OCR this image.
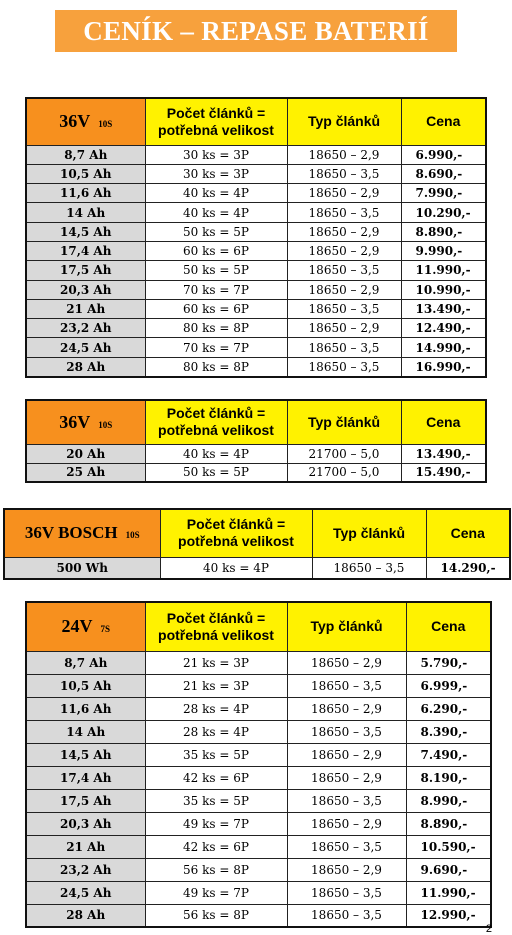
CENÍK – REPASE BATERIÍ
36V 10S	Počet článků = potřebná velikost	Typ článků	Cena
8,7 Ah	30 ks = 3P	18650 – 2,9	6.990,-
10,5 Ah	30 ks = 3P	18650 – 3,5	8.690,-
11,6 Ah	40 ks = 4P	18650 – 2,9	7.990,-
14 Ah	40 ks = 4P	18650 – 3,5	10.290,-
14,5 Ah	50 ks = 5P	18650 – 2,9	8.890,-
17,4 Ah	60 ks = 6P	18650 – 2,9	9.990,-
17,5 Ah	50 ks = 5P	18650 – 3,5	11.990,-
20,3 Ah	70 ks = 7P	18650 – 2,9	10.990,-
21 Ah	60 ks = 6P	18650 – 3,5	13.490,-
23,2 Ah	80 ks = 8P	18650 – 2,9	12.490,-
24,5 Ah	70 ks = 7P	18650 – 3,5	14.990,-
28 Ah	80 ks = 8P	18650 – 3,5	16.990,-
36V 10S	Počet článků = potřebná velikost	Typ článků	Cena
20 Ah	40 ks = 4P	21700 – 5,0	13.490,-
25 Ah	50 ks = 5P	21700 – 5,0	15.490,-
36V BOSCH 10S	Počet článků = potřebná velikost	Typ článků	Cena
500 Wh	40 ks = 4P	18650 – 3,5	14.290,-
24V 7S	Počet článků = potřebná velikost	Typ článků	Cena
8,7 Ah	21 ks = 3P	18650 – 2,9	5.790,-
10,5 Ah	21 ks = 3P	18650 – 3,5	6.999,-
11,6 Ah	28 ks = 4P	18650 – 2,9	6.290,-
14 Ah	28 ks = 4P	18650 – 3,5	8.390,-
14,5 Ah	35 ks = 5P	18650 – 2,9	7.490,-
17,4 Ah	42 ks = 6P	18650 – 2,9	8.190,-
17,5 Ah	35 ks = 5P	18650 – 3,5	8.990,-
20,3 Ah	49 ks = 7P	18650 – 2,9	8.890,-
21 Ah	42 ks = 6P	18650 – 3,5	10.590,-
23,2 Ah	56 ks = 8P	18650 – 2,9	9.690,-
24,5 Ah	49 ks = 7P	18650 – 3,5	11.990,-
28 Ah	56 ks = 8P	18650 – 3,5	12.990,-
2
